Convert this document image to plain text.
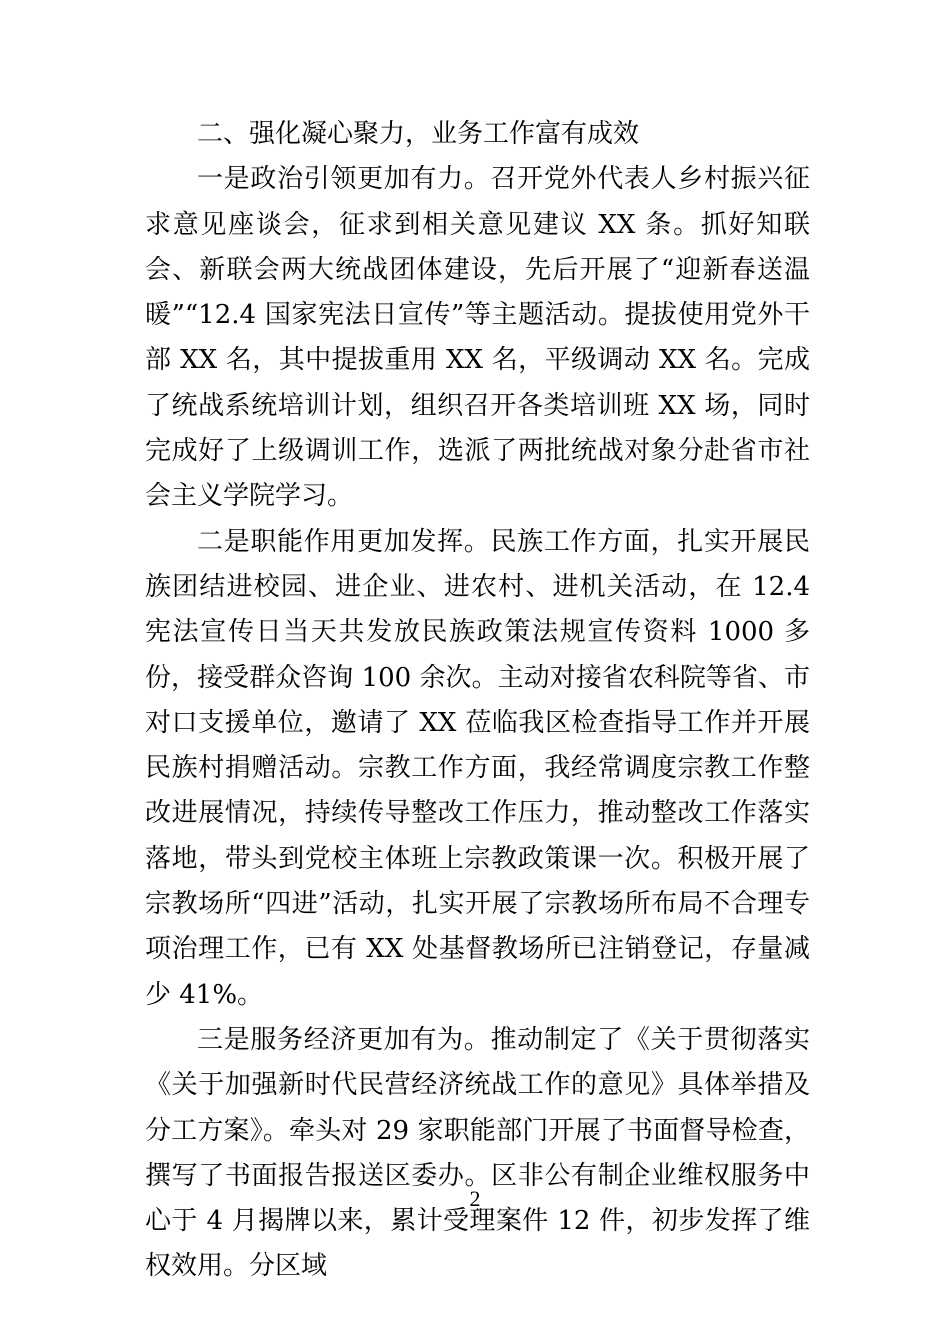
二、强化凝心聚力，业务工作富有成效

一是政治引领更加有力。召开党外代表人乡村振兴征求意见座谈会，征求到相关意见建议 XX 条。抓好知联会、新联会两大统战团体建设，先后开展了“迎新春送温暖”“12.4 国家宪法日宣传”等主题活动。提拔使用党外干部 XX 名，其中提拔重用 XX 名，平级调动 XX 名。完成了统战系统培训计划，组织召开各类培训班 XX 场，同时完成好了上级调训工作，选派了两批统战对象分赴省市社会主义学院学习。

二是职能作用更加发挥。民族工作方面，扎实开展民族团结进校园、进企业、进农村、进机关活动，在 12.4 宪法宣传日当天共发放民族政策法规宣传资料 1000 多份，接受群众咨询 100 余次。主动对接省农科院等省、市对口支援单位，邀请了 XX 莅临我区检查指导工作并开展民族村捐赠活动。宗教工作方面，我经常调度宗教工作整改进展情况，持续传导整改工作压力，推动整改工作落实落地，带头到党校主体班上宗教政策课一次。积极开展了宗教场所“四进”活动，扎实开展了宗教场所布局不合理专项治理工作，已有 XX 处基督教场所已注销登记，存量减少 41%。

三是服务经济更加有为。推动制定了《关于贯彻落实《关于加强新时代民营经济统战工作的意见》具体举措及分工方案》。牵头对 29 家职能部门开展了书面督导检查，撰写了书面报告报送区委办。区非公有制企业维权服务中心于 4 月揭牌以来，累计受理案件 12 件，初步发挥了维权效用。分区域

2
